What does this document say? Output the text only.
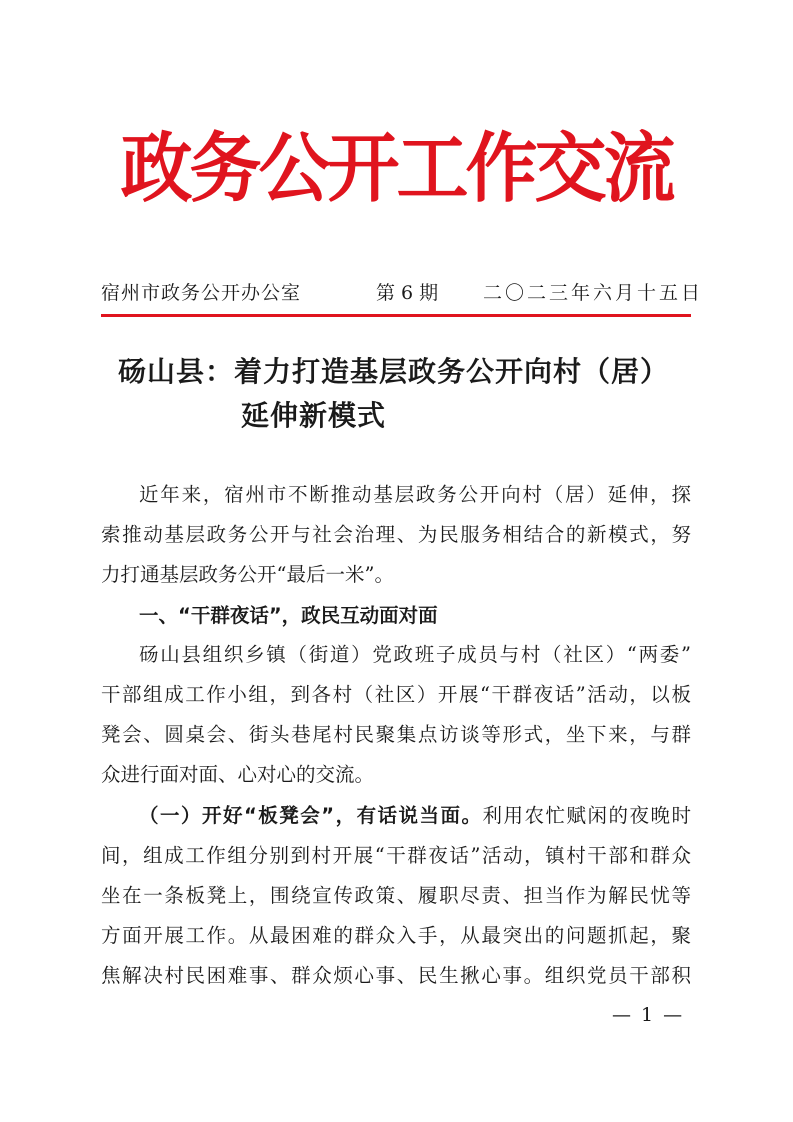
政务公开工作交流
宿州市政务公开办公室	第 6 期 二〇二三年六月十五日
砀山县：着力打造基层政务公开向村（居）
延伸新模式
近年来，宿州市不断推动基层政务公开向村（居）延伸，探
索推动基层政务公开与社会治理、为民服务相结合的新模式，努
力打通基层政务公开“最后一米”。
一、“干群夜话”，政民互动面对面
砀山县组织乡镇（街道）党政班子成员与村（社区）“两委”
干部组成工作小组，到各村（社区）开展“干群夜话”活动，以板
凳会、圆桌会、街头巷尾村民聚集点访谈等形式，坐下来，与群
众进行面对面、心对心的交流。
（一）开好“板凳会”，有话说当面。利用农忙赋闲的夜晚时
间，组成工作组分别到村开展“干群夜话”活动，镇村干部和群众
坐在一条板凳上，围绕宣传政策、履职尽责、担当作为解民忧等
方面开展工作。从最困难的群众入手，从最突出的问题抓起，聚
焦解决村民困难事、群众烦心事、民生揪心事。组织党员干部积
— 1 —
